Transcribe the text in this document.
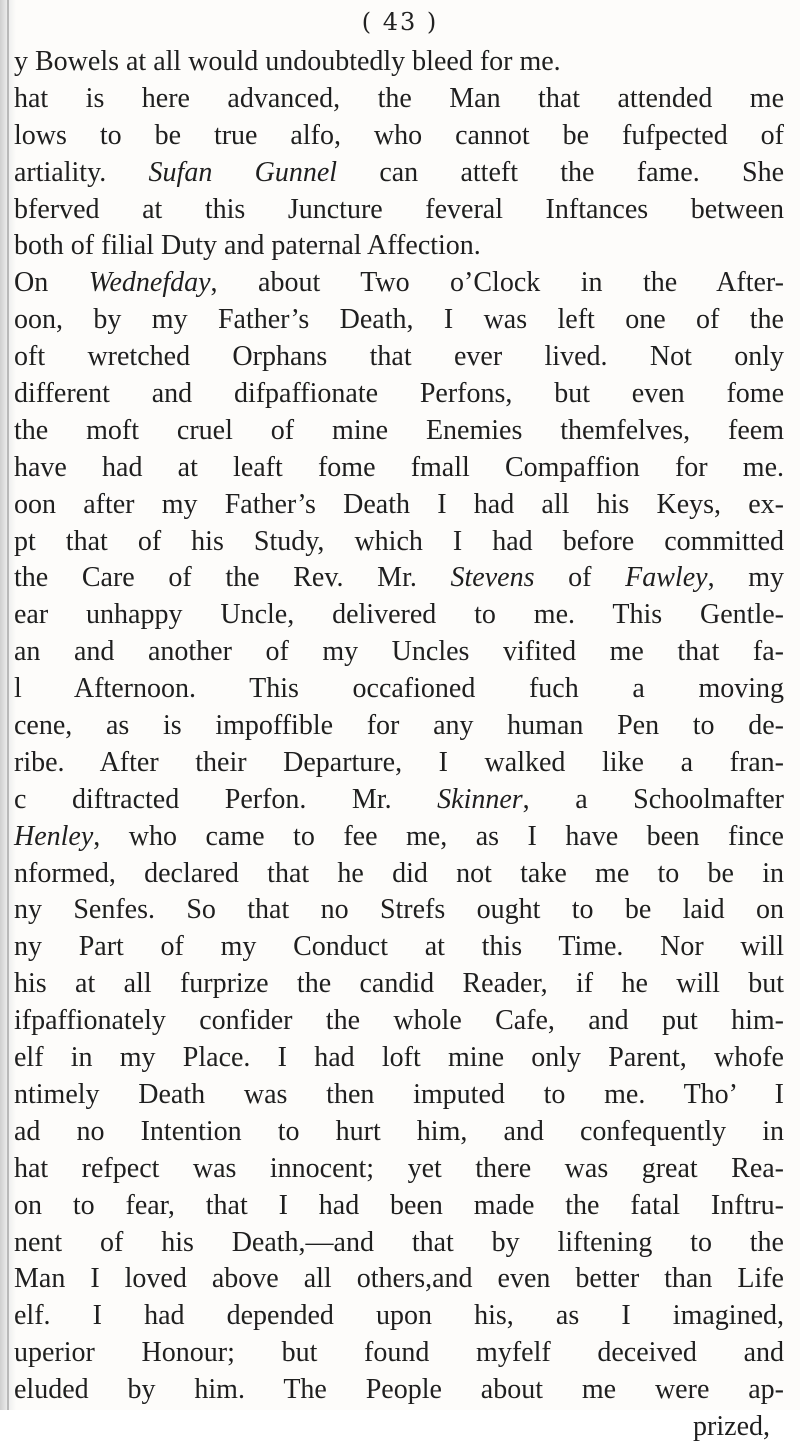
( 43 )
y Bowels at all would undoubtedly bleed for me.
hat is here advanced, the Man that attended me
lows to be true alfo, who cannot be fufpected of
artiality. Sufan Gunnel can atteft the fame. She
bferved at this Juncture feveral Inftances between
both of filial Duty and paternal Affection.
On Wednefday, about Two o’Clock in the After-
oon, by my Father’s Death, I was left one of the
oft wretched Orphans that ever lived. Not only
different and difpaffionate Perfons, but even fome
the moft cruel of mine Enemies themfelves, feem
have had at leaft fome fmall Compaffion for me.
oon after my Father’s Death I had all his Keys, ex-
pt that of his Study, which I had before committed
the Care of the Rev. Mr. Stevens of Fawley, my
ear unhappy Uncle, delivered to me. This Gentle-
an and another of my Uncles vifited me that fa-
l Afternoon. This occafioned fuch a moving
cene, as is impoffible for any human Pen to de-
ribe. After their Departure, I walked like a fran-
c diftracted Perfon. Mr. Skinner, a Schoolmafter
Henley, who came to fee me, as I have been fince
nformed, declared that he did not take me to be in
ny Senfes. So that no Strefs ought to be laid on
ny Part of my Conduct at this Time. Nor will
his at all furprize the candid Reader, if he will but
ifpaffionately confider the whole Cafe, and put him-
elf in my Place. I had loft mine only Parent, whofe
ntimely Death was then imputed to me. Tho’ I
ad no Intention to hurt him, and confequently in
hat refpect was innocent; yet there was great Rea-
on to fear, that I had been made the fatal Inftru-
nent of his Death,—and that by liftening to the
Man I loved above all others,and even better than Life
elf. I had depended upon his, as I imagined,
uperior Honour; but found myfelf deceived and
eluded by him. The People about me were ap-
prized,
